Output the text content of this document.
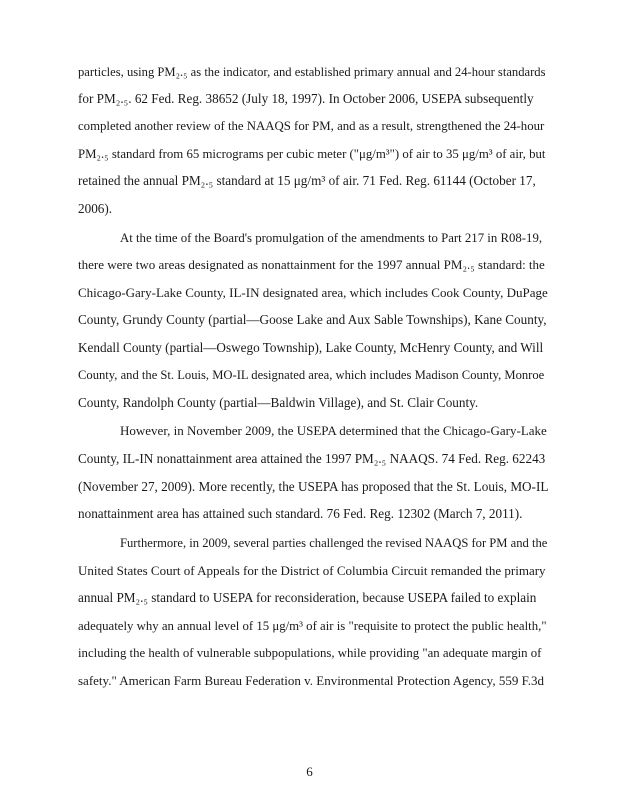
particles, using PM₂.₅ as the indicator, and established primary annual and 24-hour standards
for PM₂.₅. 62 Fed. Reg. 38652 (July 18, 1997). In October 2006, USEPA subsequently
completed another review of the NAAQS for PM, and as a result, strengthened the 24-hour
PM₂.₅ standard from 65 micrograms per cubic meter ("μg/m³") of air to 35 μg/m³ of air, but
retained the annual PM₂.₅ standard at 15 μg/m³ of air. 71 Fed. Reg. 61144 (October 17,
2006).
At the time of the Board's promulgation of the amendments to Part 217 in R08-19,
there were two areas designated as nonattainment for the 1997 annual PM₂.₅ standard: the
Chicago-Gary-Lake County, IL-IN designated area, which includes Cook County, DuPage
County, Grundy County (partial—Goose Lake and Aux Sable Townships), Kane County,
Kendall County (partial—Oswego Township), Lake County, McHenry County, and Will
County, and the St. Louis, MO-IL designated area, which includes Madison County, Monroe
County, Randolph County (partial—Baldwin Village), and St. Clair County.
However, in November 2009, the USEPA determined that the Chicago-Gary-Lake
County, IL-IN nonattainment area attained the 1997 PM₂.₅ NAAQS. 74 Fed. Reg. 62243
(November 27, 2009). More recently, the USEPA has proposed that the St. Louis, MO-IL
nonattainment area has attained such standard. 76 Fed. Reg. 12302 (March 7, 2011).
Furthermore, in 2009, several parties challenged the revised NAAQS for PM and the
United States Court of Appeals for the District of Columbia Circuit remanded the primary
annual PM₂.₅ standard to USEPA for reconsideration, because USEPA failed to explain
adequately why an annual level of 15 μg/m³ of air is "requisite to protect the public health,"
including the health of vulnerable subpopulations, while providing "an adequate margin of
safety." American Farm Bureau Federation v. Environmental Protection Agency, 559 F.3d
6
